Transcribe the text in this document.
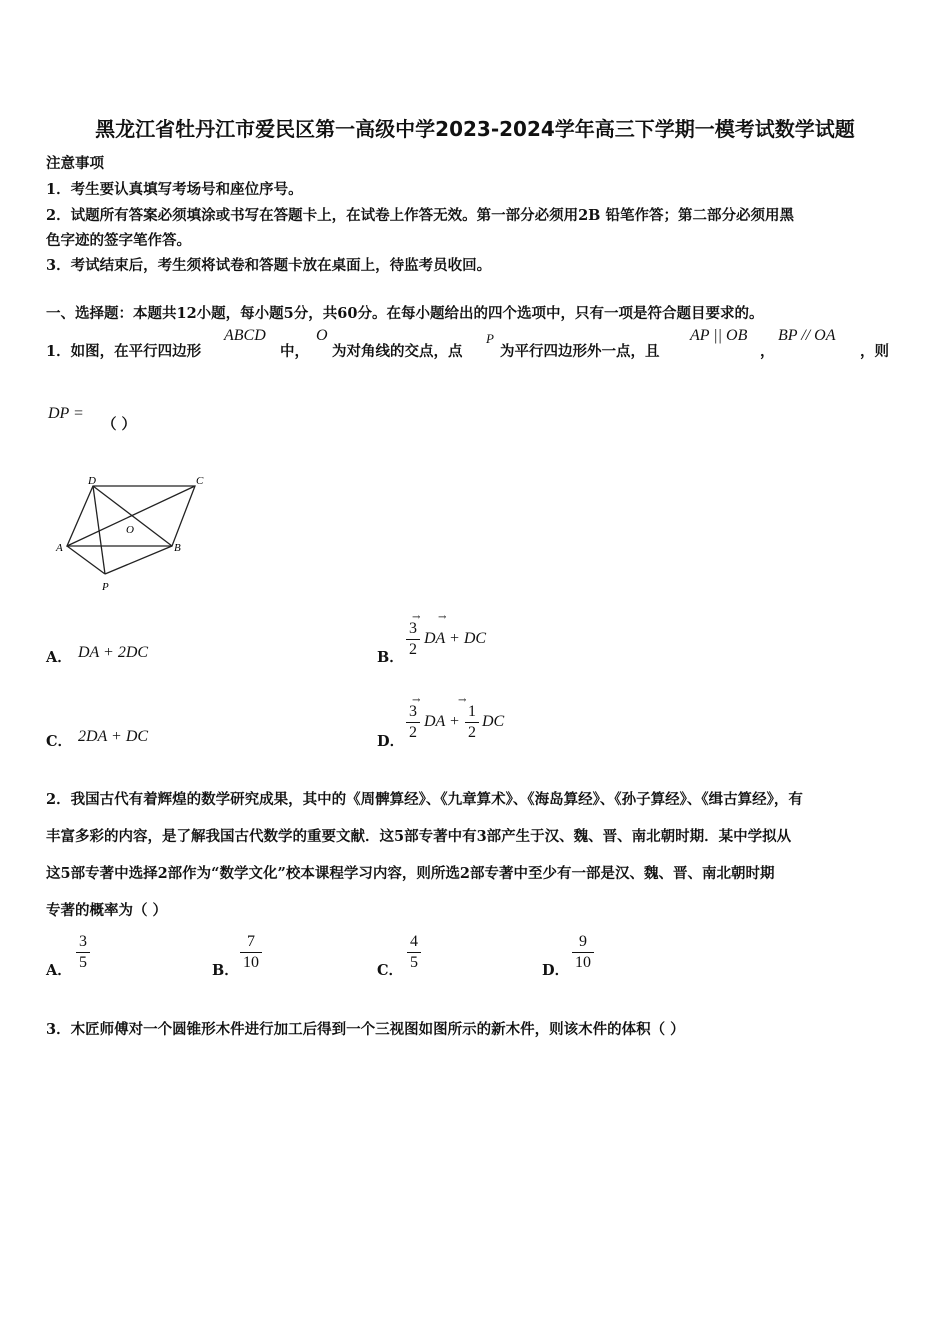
黑龙江省牡丹江市爱民区第一高级中学2023-2024学年高三下学期一模考试数学试题
注意事项
1．考生要认真填写考场号和座位序号。
2．试题所有答案必须填涂或书写在答题卡上，在试卷上作答无效。第一部分必须用2B 铅笔作答；第二部分必须用黑
色字迹的签字笔作答。
3．考试结束后，考生须将试卷和答题卡放在桌面上，待监考员收回。
一、选择题：本题共12小题，每小题5分，共60分。在每小题给出的四个选项中，只有一项是符合题目要求的。
1．如图，在平行四边形
ABCD
中，
O
为对角线的交点，点
P
为平行四边形外一点，且
AP || OB
，
BP // OA
，则
DP =
（ ）
D	C
A	B
O
P
A． DA + 2DC	B．
3
2
→ →
DA + DC
C． 2DA + DC	D．
3
2
→
DA +
1
2
→
DC
2．我国古代有着辉煌的数学研究成果，其中的《周髀算经》、《九章算术》、《海岛算经》、《孙子算经》、《缉古算经》，有
丰富多彩的内容，是了解我国古代数学的重要文献．这5部专著中有3部产生于汉、魏、晋、南北朝时期．某中学拟从
这5部专著中选择2部作为“数学文化”校本课程学习内容，则所选2部专著中至少有一部是汉、魏、晋、南北朝时期
专著的概率为（ ）
A．
3
5	B．
7
10	C．
4
5	D．
9
10
3．木匠师傅对一个圆锥形木件进行加工后得到一个三视图如图所示的新木件，则该木件的体积（ ）
